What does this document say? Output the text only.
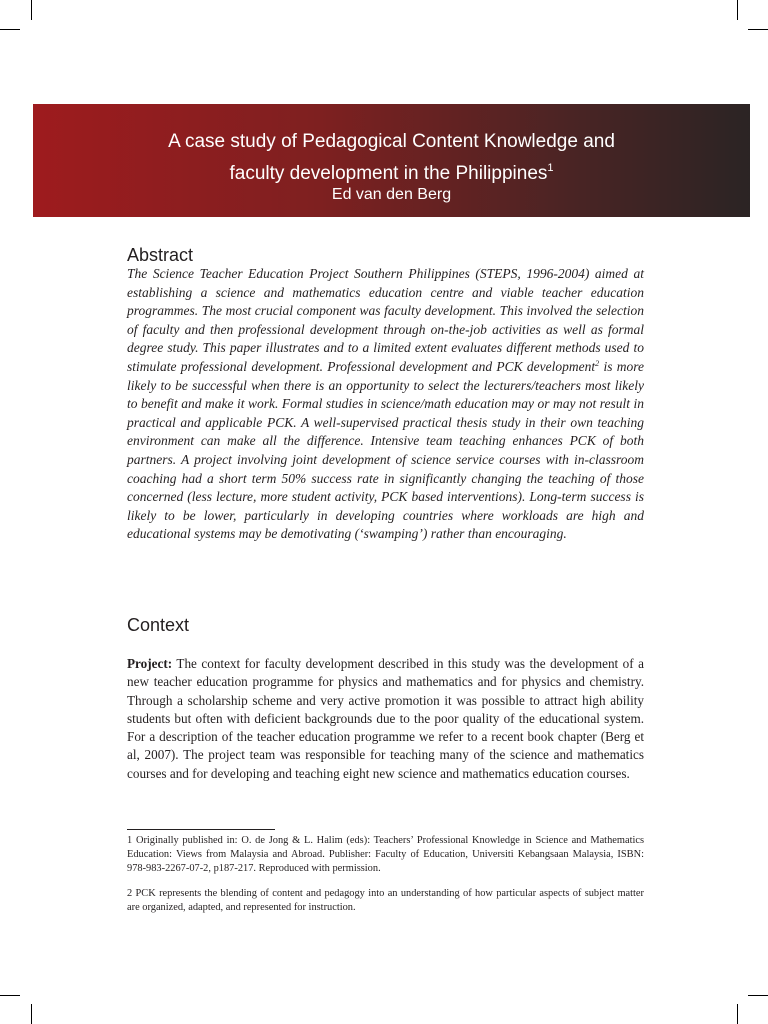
A case study of Pedagogical Content Knowledge and
faculty development in the Philippines$^1$
Ed van den Berg
Abstract
The Science Teacher Education Project Southern Philippines (STEPS, 1996-2004) aimed at establishing a science and mathematics education centre and viable teacher education programmes. The most crucial component was faculty development. This involved the selection of faculty and then professional development through on-the-job activities as well as formal degree study. This paper illustrates and to a limited extent evaluates different methods used to stimulate professional development. Professional development and PCK development$^2$ is more likely to be successful when there is an opportunity to select the lecturers/teachers most likely to benefit and make it work. Formal studies in science/math education may or may not result in practical and applicable PCK. A well-supervised practical thesis study in their own teaching environment can make all the difference. Intensive team teaching enhances PCK of both partners. A project involving joint development of science service courses with in-classroom coaching had a short term 50% success rate in significantly changing the teaching of those concerned (less lecture, more student activity, PCK based interventions). Long-term success is likely to be lower, particularly in developing countries where workloads are high and educational systems may be demotivating (‘swamping’) rather than encouraging.
Context
Project: The context for faculty development described in this study was the development of a new teacher education programme for physics and mathematics and for physics and chemistry. Through a scholarship scheme and very active promotion it was possible to attract high ability students but often with deficient backgrounds due to the poor quality of the educational system. For a description of the teacher education programme we refer to a recent book chapter (Berg et al, 2007). The project team was responsible for teaching many of the science and mathematics courses and for developing and teaching eight new science and mathematics education courses.
1 Originally published in: O. de Jong & L. Halim (eds): Teachers’ Professional Knowledge in Science and Mathematics Education: Views from Malaysia and Abroad. Publisher: Faculty of Education, Universiti Kebangsaan Malaysia, ISBN: 978-983-2267-07-2, p187-217. Reproduced with permission.
2 PCK represents the blending of content and pedagogy into an understanding of how particular aspects of subject matter are organized, adapted, and represented for instruction.
